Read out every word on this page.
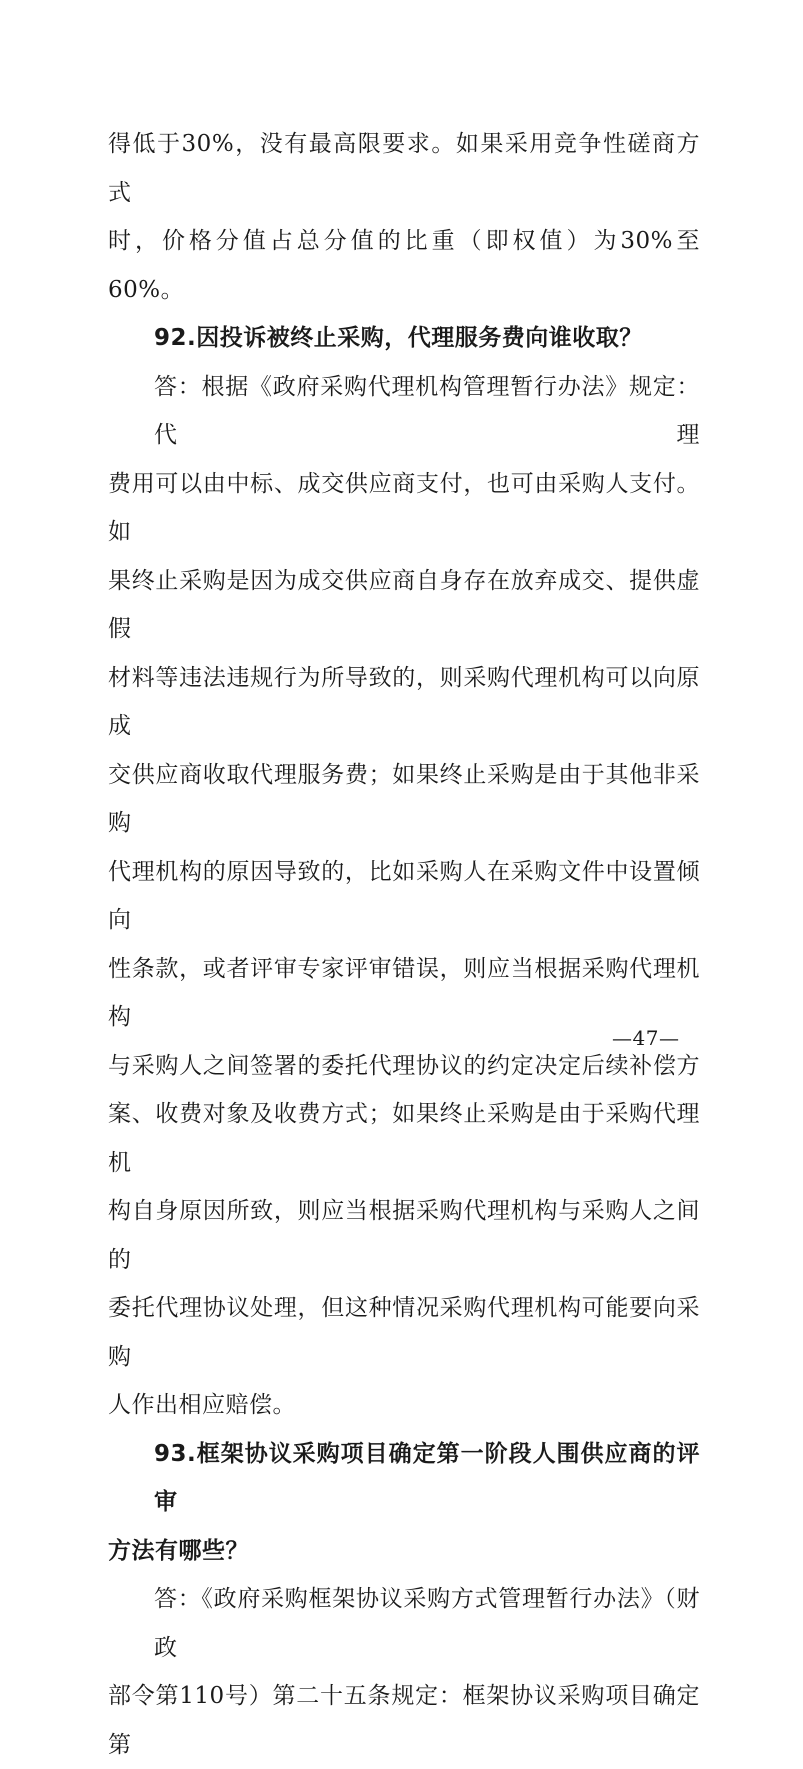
得低于30%，没有最高限要求。如果采用竞争性磋商方式
时，价格分值占总分值的比重（即权值）为30%至60%。

92.因投诉被终止采购，代理服务费向谁收取？

答：根据《政府采购代理机构管理暂行办法》规定：代理
费用可以由中标、成交供应商支付，也可由采购人支付。如
果终止采购是因为成交供应商自身存在放弃成交、提供虚假
材料等违法违规行为所导致的，则采购代理机构可以向原成
交供应商收取代理服务费；如果终止采购是由于其他非采购
代理机构的原因导致的，比如采购人在采购文件中设置倾向
性条款，或者评审专家评审错误，则应当根据采购代理机构
与采购人之间签署的委托代理协议的约定决定后续补偿方
案、收费对象及收费方式；如果终止采购是由于采购代理机
构自身原因所致，则应当根据采购代理机构与采购人之间的
委托代理协议处理，但这种情况采购代理机构可能要向采购
人作出相应赔偿。

93.框架协议采购项目确定第一阶段人围供应商的评审
方法有哪些？

答：《政府采购框架协议采购方式管理暂行办法》（财政
部令第110号）第二十五条规定：框架协议采购项目确定第

—47—
